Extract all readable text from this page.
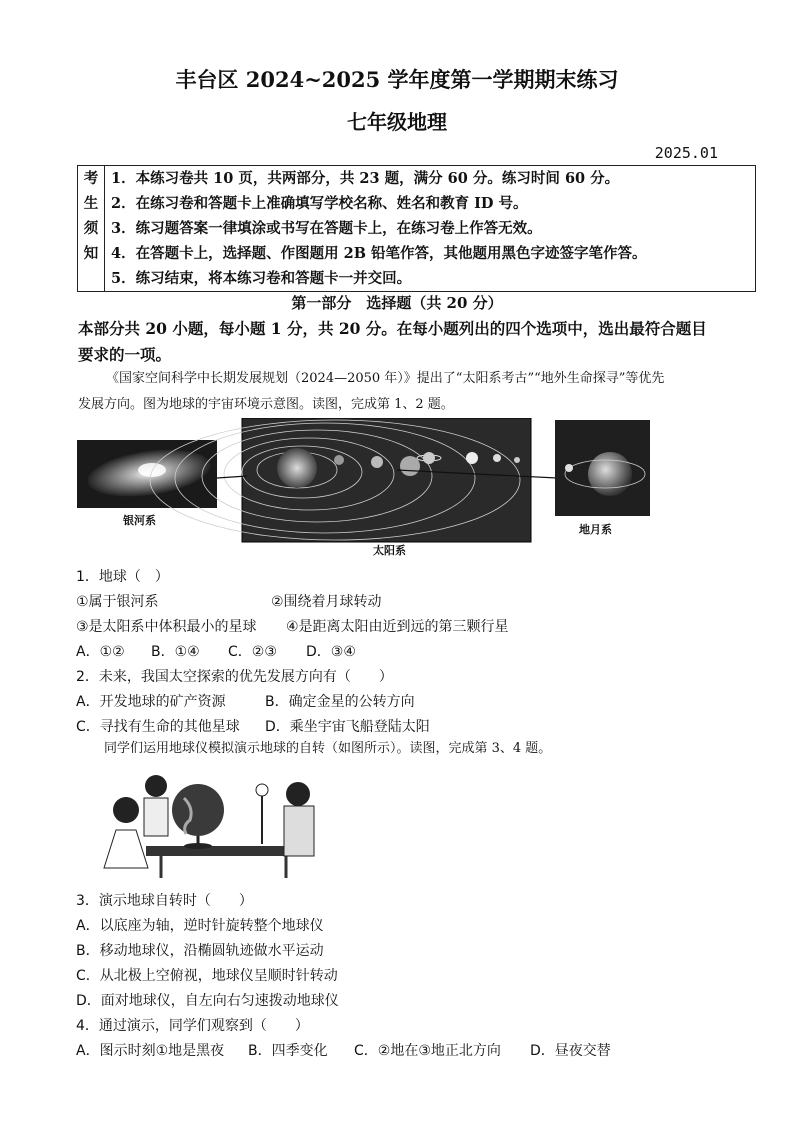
丰台区 2024~2025 学年度第一学期期末练习
七年级地理
2025.01
考
生
须
知

1．本练习卷共 10 页，共两部分，共 23 题，满分 60 分。练习时间 60 分。
2．在练习卷和答题卡上准确填写学校名称、姓名和教育 ID 号。
3．练习题答案一律填涂或书写在答题卡上，在练习卷上作答无效。
4．在答题卡上，选择题、作图题用 2B 铅笔作答，其他题用黑色字迹签字笔作答。
5．练习结束，将本练习卷和答题卡一并交回。
第一部分　选择题（共 20 分）
本部分共 20 小题，每小题 1 分，共 20 分。在每小题列出的四个选项中，选出最符合题目
要求的一项。
《国家空间科学中长期发展规划（2024—2050 年）》提出了“太阳系考古”“地外生命探寻”等优先
发展方向。图为地球的宇宙环境示意图。读图，完成第 1、2 题。
银河系
太阳系
地月系
1．地球（　）
①属于银河系	②围绕着月球转动
③是太阳系中体积最小的星球 ④是距离太阳由近到远的第三颗行星
A．①② B．①④ C．②③ D．③④
2．未来，我国太空探索的优先发展方向有（　　）
A．开发地球的矿产资源	B．确定金星的公转方向
C．寻找有生命的其他星球 D．乘坐宇宙飞船登陆太阳
同学们运用地球仪模拟演示地球的自转（如图所示）。读图，完成第 3、4 题。
3．演示地球自转时（　　）
A．以底座为轴，逆时针旋转整个地球仪
B．移动地球仪，沿椭圆轨迹做水平运动
C．从北极上空俯视，地球仪呈顺时针转动
D．面对地球仪，自左向右匀速拨动地球仪
4．通过演示，同学们观察到（　　）
A．图示时刻①地是黑夜 B．四季变化 C．②地在③地正北方向 D．昼夜交替
